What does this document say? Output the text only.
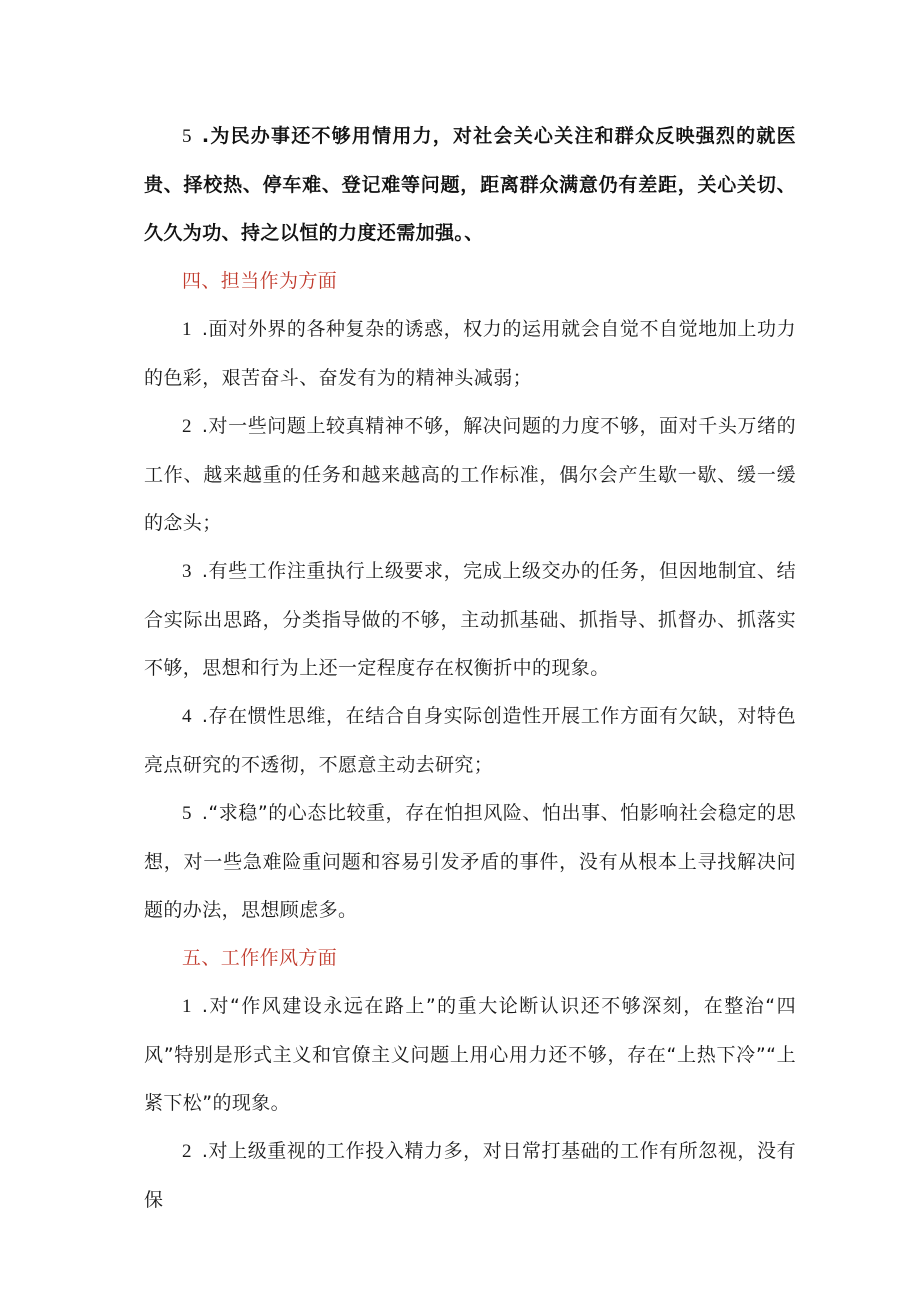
5 .为民办事还不够用情用力，对社会关心关注和群众反映强烈的就医贵、择校热、停车难、登记难等问题，距离群众满意仍有差距，关心关切、久久为功、持之以恒的力度还需加强。、

四、担当作为方面

1 .面对外界的各种复杂的诱惑，权力的运用就会自觉不自觉地加上功力的色彩，艰苦奋斗、奋发有为的精神头减弱；

2 .对一些问题上较真精神不够，解决问题的力度不够，面对千头万绪的工作、越来越重的任务和越来越高的工作标准，偶尔会产生歇一歇、缓一缓的念头；

3 .有些工作注重执行上级要求，完成上级交办的任务，但因地制宜、结合实际出思路，分类指导做的不够，主动抓基础、抓指导、抓督办、抓落实不够，思想和行为上还一定程度存在权衡折中的现象。

4 .存在惯性思维，在结合自身实际创造性开展工作方面有欠缺，对特色亮点研究的不透彻，不愿意主动去研究；

5 .“求稳”的心态比较重，存在怕担风险、怕出事、怕影响社会稳定的思想，对一些急难险重问题和容易引发矛盾的事件，没有从根本上寻找解决问题的办法，思想顾虑多。

五、工作作风方面

1 .对“作风建设永远在路上”的重大论断认识还不够深刻，在整治“四风”特别是形式主义和官僚主义问题上用心用力还不够，存在“上热下冷”“上紧下松”的现象。

2 .对上级重视的工作投入精力多，对日常打基础的工作有所忽视，没有保
